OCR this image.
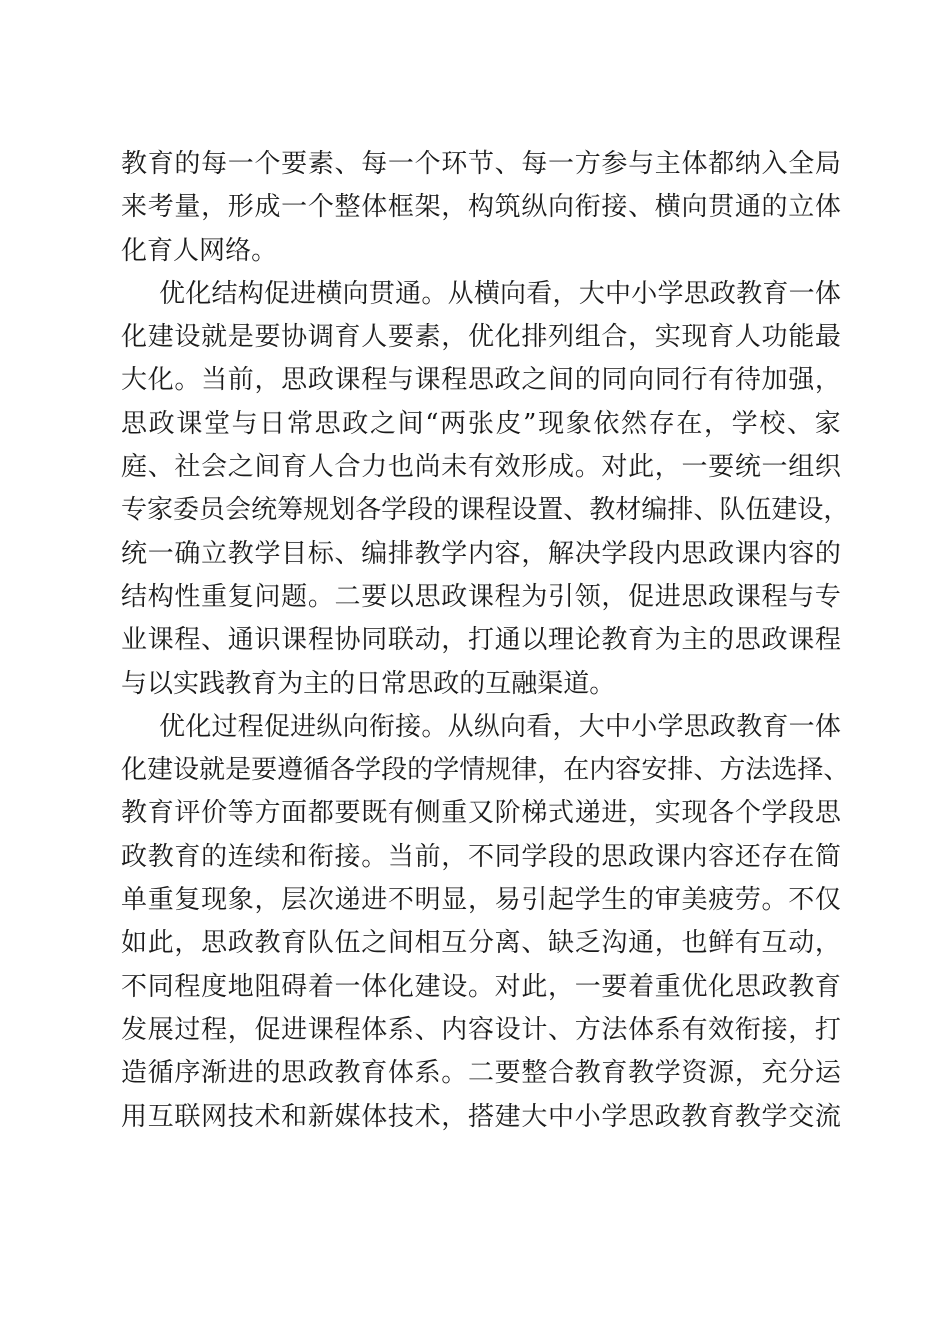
教 育 的 每 一 个 要 素 、 每 一 个 环 节 、 每 一 方 参 与 主 体 都 纳 入 全 局
来 考 量 ， 形 成 一 个 整 体 框 架 ， 构 筑 纵 向 衔 接 、 横 向 贯 通 的 立 体
化 育 人 网 络 。
优 化 结 构 促 进 横 向 贯 通 。 从 横 向 看 ， 大 中 小 学 思 政 教 育 一 体
化 建 设 就 是 要 协 调 育 人 要 素 ， 优 化 排 列 组 合 ， 实 现 育 人 功 能 最
大 化 。 当 前 ， 思 政 课 程 与 课 程 思 政 之 间 的 同 向 同 行 有 待 加 强 ，
思 政 课 堂 与 日 常 思 政 之 间 “ 两 张 皮 ” 现 象 依 然 存 在 ， 学 校 、 家
庭 、 社 会 之 间 育 人 合 力 也 尚 未 有 效 形 成 。 对 此 ， 一 要 统 一 组 织
专 家 委 员 会 统 筹 规 划 各 学 段 的 课 程 设 置 、 教 材 编 排 、 队 伍 建 设 ，
统 一 确 立 教 学 目 标 、 编 排 教 学 内 容 ， 解 决 学 段 内 思 政 课 内 容 的
结 构 性 重 复 问 题 。 二 要 以 思 政 课 程 为 引 领 ， 促 进 思 政 课 程 与 专
业 课 程 、 通 识 课 程 协 同 联 动 ， 打 通 以 理 论 教 育 为 主 的 思 政 课 程
与 以 实 践 教 育 为 主 的 日 常 思 政 的 互 融 渠 道 。
优 化 过 程 促 进 纵 向 衔 接 。 从 纵 向 看 ， 大 中 小 学 思 政 教 育 一 体
化 建 设 就 是 要 遵 循 各 学 段 的 学 情 规 律 ， 在 内 容 安 排 、 方 法 选 择 、
教 育 评 价 等 方 面 都 要 既 有 侧 重 又 阶 梯 式 递 进 ， 实 现 各 个 学 段 思
政 教 育 的 连 续 和 衔 接 。 当 前 ， 不 同 学 段 的 思 政 课 内 容 还 存 在 简
单 重 复 现 象 ， 层 次 递 进 不 明 显 ， 易 引 起 学 生 的 审 美 疲 劳 。 不 仅
如 此 ， 思 政 教 育 队 伍 之 间 相 互 分 离 、 缺 乏 沟 通 ， 也 鲜 有 互 动 ，
不 同 程 度 地 阻 碍 着 一 体 化 建 设 。 对 此 ， 一 要 着 重 优 化 思 政 教 育
发 展 过 程 ， 促 进 课 程 体 系 、 内 容 设 计 、 方 法 体 系 有 效 衔 接 ， 打
造 循 序 渐 进 的 思 政 教 育 体 系 。 二 要 整 合 教 育 教 学 资 源 ， 充 分 运
用 互 联 网 技 术 和 新 媒 体 技 术 ， 搭 建 大 中 小 学 思 政 教 育 教 学 交 流
